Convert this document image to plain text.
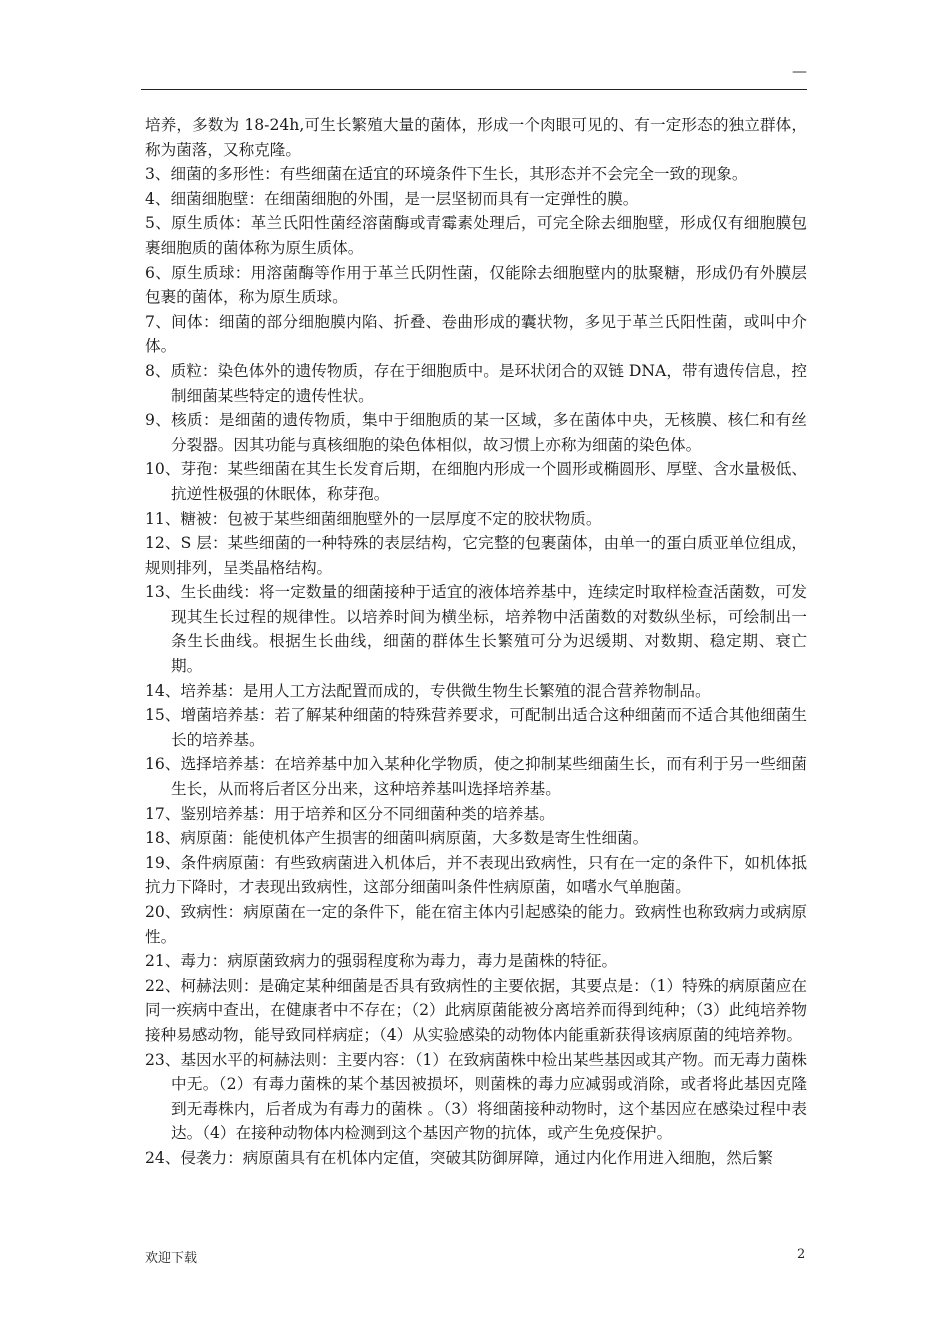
—

培养，多数为 18-24h,可生长繁殖大量的菌体，形成一个肉眼可见的、有一定形态的独立群体，称为菌落，又称克隆。

3、细菌的多形性：有些细菌在适宜的环境条件下生长，其形态并不会完全一致的现象。

4、细菌细胞壁：在细菌细胞的外围，是一层坚韧而具有一定弹性的膜。

5、原生质体：革兰氏阳性菌经溶菌酶或青霉素处理后，可完全除去细胞壁，形成仅有细胞膜包裹细胞质的菌体称为原生质体。

6、原生质球：用溶菌酶等作用于革兰氏阴性菌，仅能除去细胞壁内的肽聚糖，形成仍有外膜层包裹的菌体，称为原生质球。

7、间体：细菌的部分细胞膜内陷、折叠、卷曲形成的囊状物，多见于革兰氏阳性菌，或叫中介体。

8、质粒：染色体外的遗传物质，存在于细胞质中。是环状闭合的双链 DNA，带有遗传信息，控制细菌某些特定的遗传性状。

9、核质：是细菌的遗传物质，集中于细胞质的某一区域，多在菌体中央，无核膜、核仁和有丝分裂器。因其功能与真核细胞的染色体相似，故习惯上亦称为细菌的染色体。

10、芽孢：某些细菌在其生长发育后期，在细胞内形成一个圆形或椭圆形、厚壁、含水量极低、抗逆性极强的休眠体，称芽孢。

11、糖被：包被于某些细菌细胞壁外的一层厚度不定的胶状物质。

12、S 层：某些细菌的一种特殊的表层结构，它完整的包裹菌体，由单一的蛋白质亚单位组成，规则排列，呈类晶格结构。

13、生长曲线：将一定数量的细菌接种于适宜的液体培养基中，连续定时取样检查活菌数，可发现其生长过程的规律性。以培养时间为横坐标，培养物中活菌数的对数纵坐标，可绘制出一条生长曲线。根据生长曲线，细菌的群体生长繁殖可分为迟缓期、对数期、稳定期、衰亡期。

14、培养基：是用人工方法配置而成的，专供微生物生长繁殖的混合营养物制品。

15、增菌培养基：若了解某种细菌的特殊营养要求，可配制出适合这种细菌而不适合其他细菌生长的培养基。

16、选择培养基：在培养基中加入某种化学物质，使之抑制某些细菌生长，而有利于另一些细菌生长，从而将后者区分出来，这种培养基叫选择培养基。

17、鉴别培养基：用于培养和区分不同细菌种类的培养基。

18、病原菌：能使机体产生损害的细菌叫病原菌，大多数是寄生性细菌。

19、条件病原菌：有些致病菌进入机体后，并不表现出致病性，只有在一定的条件下，如机体抵抗力下降时，才表现出致病性，这部分细菌叫条件性病原菌，如嗜水气单胞菌。

20、致病性：病原菌在一定的条件下，能在宿主体内引起感染的能力。致病性也称致病力或病原性。

21、毒力：病原菌致病力的强弱程度称为毒力，毒力是菌株的特征。

22、柯赫法则：是确定某种细菌是否具有致病性的主要依据，其要点是：（1）特殊的病原菌应在同一疾病中查出，在健康者中不存在；（2）此病原菌能被分离培养而得到纯种；（3）此纯培养物接种易感动物，能导致同样病症；（4）从实验感染的动物体内能重新获得该病原菌的纯培养物。

23、基因水平的柯赫法则：主要内容：（1）在致病菌株中检出某些基因或其产物。而无毒力菌株中无。（2）有毒力菌株的某个基因被损坏，则菌株的毒力应减弱或消除，或者将此基因克隆到无毒株内，后者成为有毒力的菌株 。（3）将细菌接种动物时，这个基因应在感染过程中表达。（4）在接种动物体内检测到这个基因产物的抗体，或产生免疫保护。

24、侵袭力：病原菌具有在机体内定值，突破其防御屏障，通过内化作用进入细胞，然后繁

欢迎下载	2
